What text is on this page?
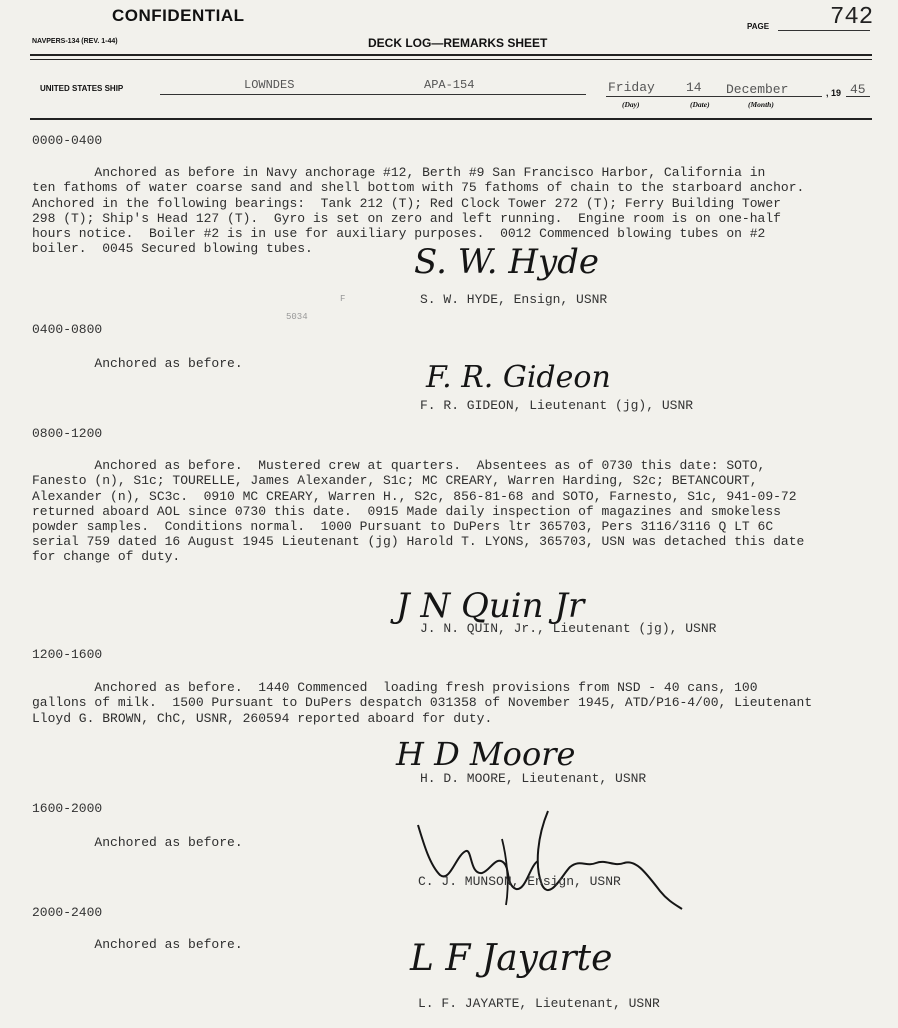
CONFIDENTIAL
NAVPERS-134 (REV. 1-44)	DECK LOG—REMARKS SHEET
PAGE	742
UNITED STATES SHIP	LOWNDES	APA-154	Friday 14 December	, 19 45
(Day)	(Date)	(Month)
0000-0400

Anchored as before in Navy anchorage #12, Berth #9 San Francisco Harbor, California in
ten fathoms of water coarse sand and shell bottom with 75 fathoms of chain to the starboard anchor.
Anchored in the following bearings:  Tank 212 (T); Red Clock Tower 272 (T); Ferry Building Tower
298 (T); Ship's Head 127 (T).  Gyro is set on zero and left running.  Engine room is on one-half
hours notice.  Boiler #2 is in use for auxiliary purposes.  0012 Commenced blowing tubes on #2
boiler.  0045 Secured blowing tubes.	S. W. Hyde
S. W. HYDE, Ensign, USNR
5034
F
0400-0800

Anchored as before.	F. R. Gideon
F. R. GIDEON, Lieutenant (jg), USNR
0800-1200

Anchored as before.  Mustered crew at quarters.  Absentees as of 0730 this date: SOTO,
Fanesto (n), S1c; TOURELLE, James Alexander, S1c; MC CREARY, Warren Harding, S2c; BETANCOURT,
Alexander (n), SC3c.  0910 MC CREARY, Warren H., S2c, 856-81-68 and SOTO, Farnesto, S1c, 941-09-72
returned aboard AOL since 0730 this date.  0915 Made daily inspection of magazines and smokeless
powder samples.  Conditions normal.  1000 Pursuant to DuPers ltr 365703, Pers 3116/3116 Q LT 6C
serial 759 dated 16 August 1945 Lieutenant (jg) Harold T. LYONS, 365703, USN was detached this date
for change of duty.

J N Quin Jr
J. N. QUIN, Jr., Lieutenant (jg), USNR
1200-1600

Anchored as before.  1440 Commenced  loading fresh provisions from NSD - 40 cans, 100
gallons of milk.  1500 Pursuant to DuPers despatch 031358 of November 1945, ATD/P16-4/00, Lieutenant
Lloyd G. BROWN, ChC, USNR, 260594 reported aboard for duty.

H D Moore
H. D. MOORE, Lieutenant, USNR
1600-2000

Anchored as before.

C. J. MUNSON, Ensign, USNR
2000-2400

Anchored as before.	L F Jayarte
L. F. JAYARTE, Lieutenant, USNR
